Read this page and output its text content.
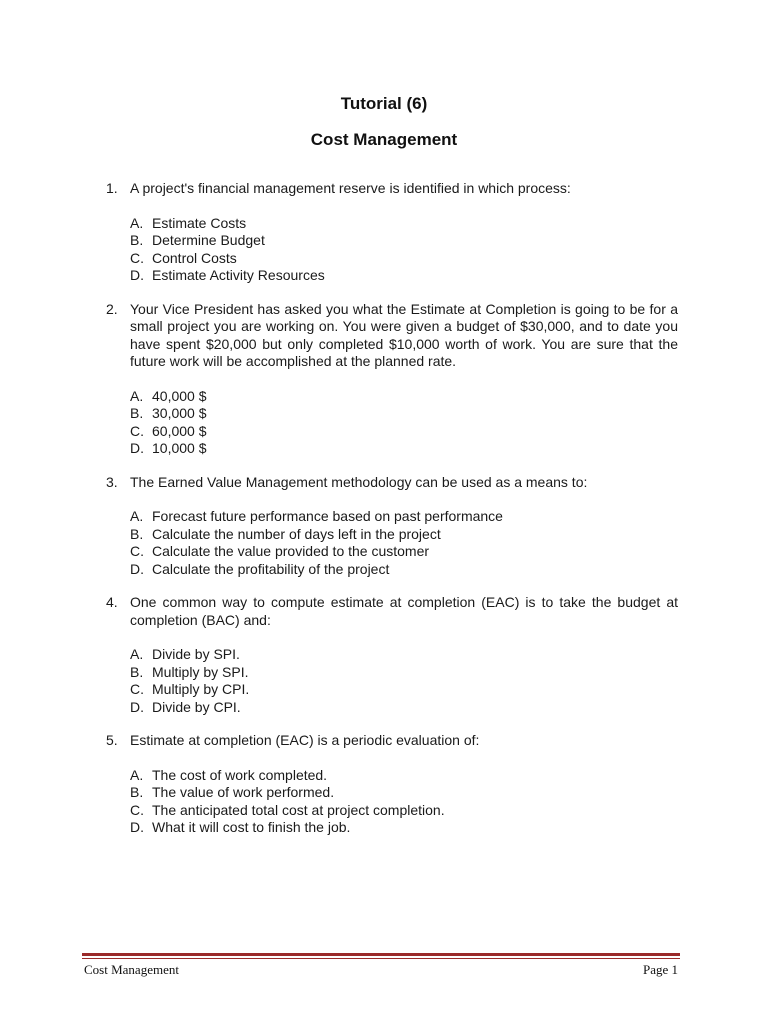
Tutorial (6)
Cost Management
1. A project's financial management reserve is identified in which process:
A. Estimate Costs
B. Determine Budget
C. Control Costs
D. Estimate Activity Resources
2. Your Vice President has asked you what the Estimate at Completion is going to be for a small project you are working on. You were given a budget of $30,000, and to date you have spent $20,000 but only completed $10,000 worth of work. You are sure that the future work will be accomplished at the planned rate.
A. 40,000 $
B. 30,000 $
C. 60,000 $
D. 10,000 $
3. The Earned Value Management methodology can be used as a means to:
A. Forecast future performance based on past performance
B. Calculate the number of days left in the project
C. Calculate the value provided to the customer
D. Calculate the profitability of the project
4. One common way to compute estimate at completion (EAC) is to take the budget at completion (BAC) and:
A. Divide by SPI.
B. Multiply by SPI.
C. Multiply by CPI.
D. Divide by CPI.
5. Estimate at completion (EAC) is a periodic evaluation of:
A. The cost of work completed.
B. The value of work performed.
C. The anticipated total cost at project completion.
D. What it will cost to finish the job.
Cost Management	Page 1
